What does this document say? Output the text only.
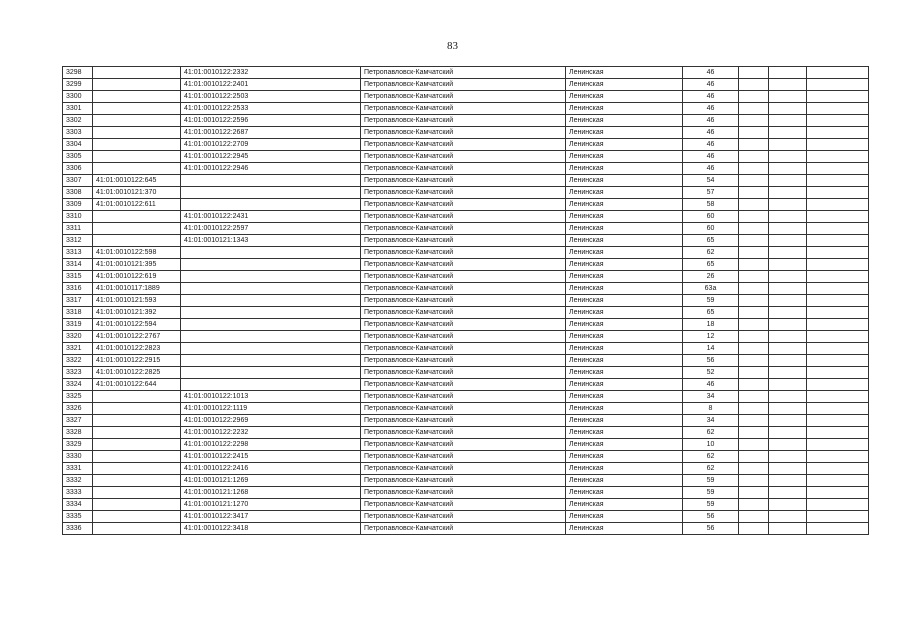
83
3298		41:01:0010122:2332	Петропавловск-Камчатский	Ленинская	46			
3299		41:01:0010122:2401	Петропавловск-Камчатский	Ленинская	46			
3300		41:01:0010122:2503	Петропавловск-Камчатский	Ленинская	46			
3301		41:01:0010122:2533	Петропавловск-Камчатский	Ленинская	46			
3302		41:01:0010122:2596	Петропавловск-Камчатский	Ленинская	46			
3303		41:01:0010122:2687	Петропавловск-Камчатский	Ленинская	46			
3304		41:01:0010122:2709	Петропавловск-Камчатский	Ленинская	46			
3305		41:01:0010122:2945	Петропавловск-Камчатский	Ленинская	46			
3306		41:01:0010122:2946	Петропавловск-Камчатский	Ленинская	46			
3307	41:01:0010122:645		Петропавловск-Камчатский	Ленинская	54			
3308	41:01:0010121:370		Петропавловск-Камчатский	Ленинская	57			
3309	41:01:0010122:611		Петропавловск-Камчатский	Ленинская	58			
3310		41:01:0010122:2431	Петропавловск-Камчатский	Ленинская	60			
3311		41:01:0010122:2597	Петропавловск-Камчатский	Ленинская	60			
3312		41:01:0010121:1343	Петропавловск-Камчатский	Ленинская	65			
3313	41:01:0010122:598		Петропавловск-Камчатский	Ленинская	62			
3314	41:01:0010121:395		Петропавловск-Камчатский	Ленинская	65			
3315	41:01:0010122:619		Петропавловск-Камчатский	Ленинская	26			
3316	41:01:0010117:1889		Петропавловск-Камчатский	Ленинская	63а			
3317	41:01:0010121:593		Петропавловск-Камчатский	Ленинская	59			
3318	41:01:0010121:392		Петропавловск-Камчатский	Ленинская	65			
3319	41:01:0010122:594		Петропавловск-Камчатский	Ленинская	18			
3320	41:01:0010122:2767		Петропавловск-Камчатский	Ленинская	12			
3321	41:01:0010122:2823		Петропавловск-Камчатский	Ленинская	14			
3322	41:01:0010122:2915		Петропавловск-Камчатский	Ленинская	56			
3323	41:01:0010122:2825		Петропавловск-Камчатский	Ленинская	52			
3324	41:01:0010122:644		Петропавловск-Камчатский	Ленинская	46			
3325		41:01:0010122:1013	Петропавловск-Камчатский	Ленинская	34			
3326		41:01:0010122:1119	Петропавловск-Камчатский	Ленинская	8			
3327		41:01:0010122:2969	Петропавловск-Камчатский	Ленинская	34			
3328		41:01:0010122:2232	Петропавловск-Камчатский	Ленинская	62			
3329		41:01:0010122:2298	Петропавловск-Камчатский	Ленинская	10			
3330		41:01:0010122:2415	Петропавловск-Камчатский	Ленинская	62			
3331		41:01:0010122:2416	Петропавловск-Камчатский	Ленинская	62			
3332		41:01:0010121:1269	Петропавловск-Камчатский	Ленинская	59			
3333		41:01:0010121:1268	Петропавловск-Камчатский	Ленинская	59			
3334		41:01:0010121:1270	Петропавловск-Камчатский	Ленинская	59			
3335		41:01:0010122:3417	Петропавловск-Камчатский	Ленинская	56			
3336		41:01:0010122:3418	Петропавловск-Камчатский	Ленинская	56			
